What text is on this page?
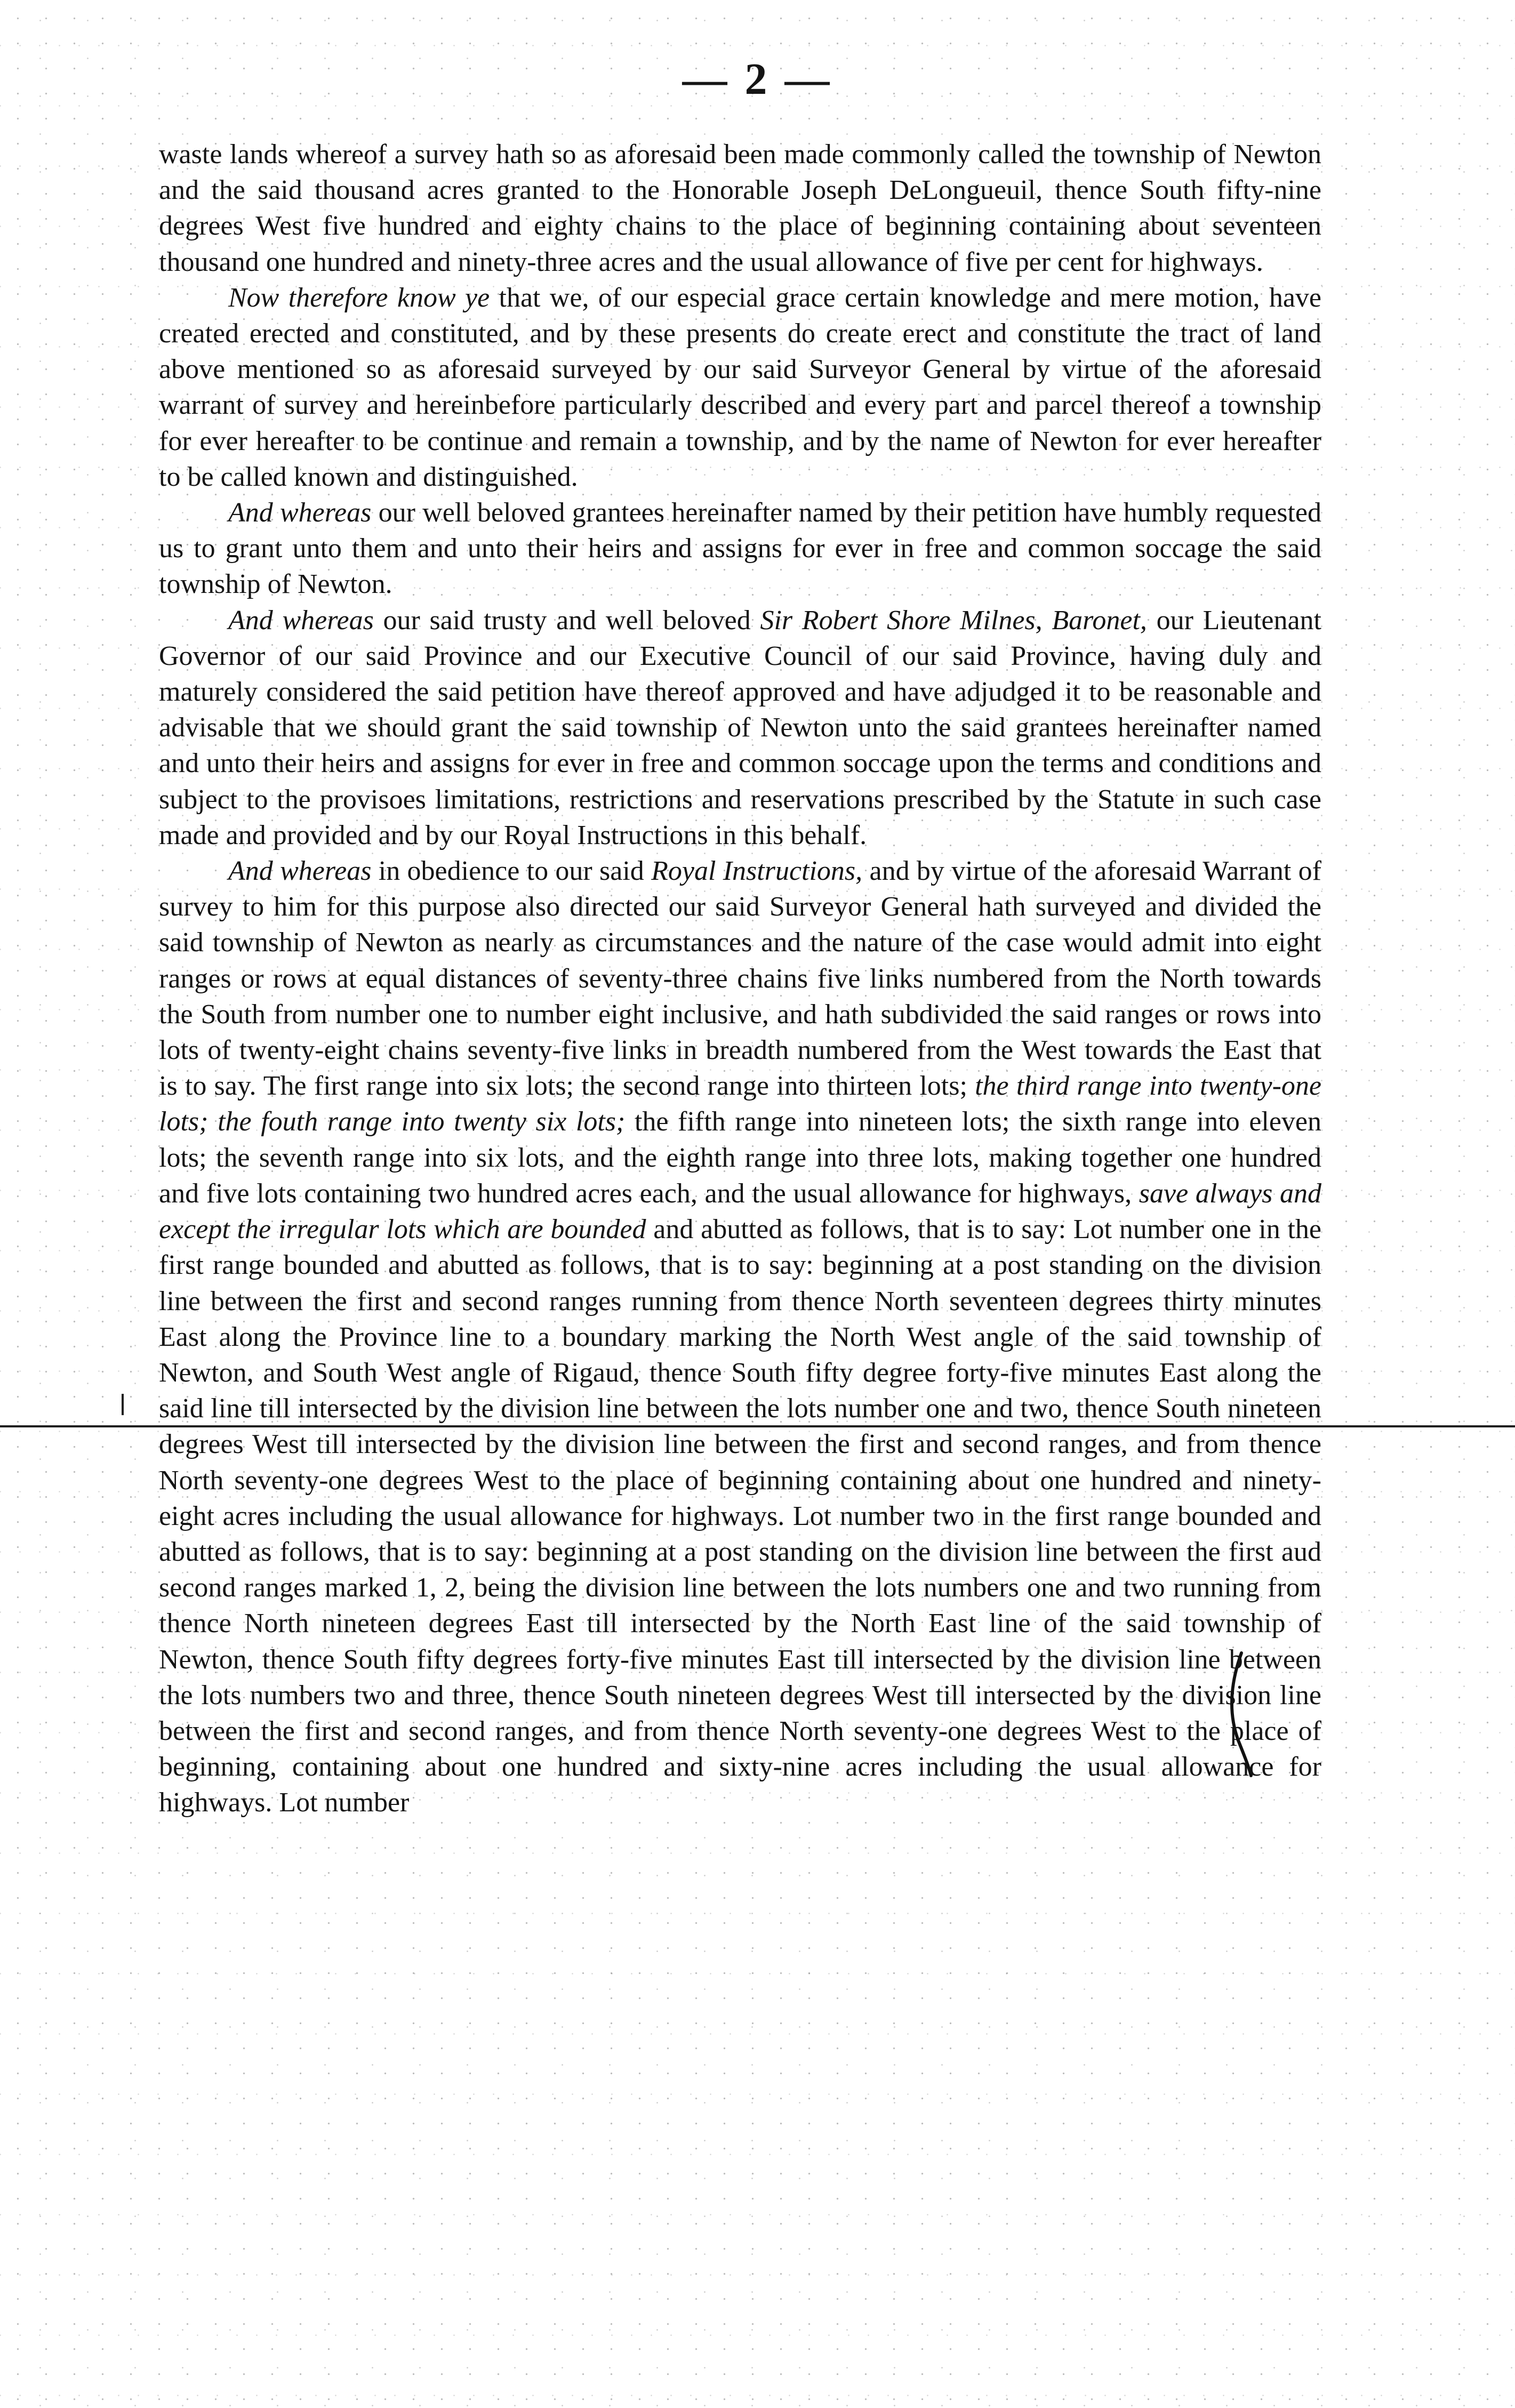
— 2 —

waste lands whereof a survey hath so as aforesaid been made commonly called the township of Newton and the said thousand acres granted to the Honorable Joseph DeLongueuil, thence South fifty-nine degrees West five hundred and eighty chains to the place of beginning containing about seventeen thousand one hundred and ninety-three acres and the usual allowance of five per cent for highways.

Now therefore know ye that we, of our especial grace certain knowledge and mere motion, have created erected and constituted, and by these presents do create erect and constitute the tract of land above mentioned so as aforesaid surveyed by our said Surveyor General by virtue of the aforesaid warrant of survey and hereinbefore particularly described and every part and parcel thereof a township for ever hereafter to be continue and remain a township, and by the name of Newton for ever hereafter to be called known and distinguished.

And whereas our well beloved grantees hereinafter named by their petition have humbly requested us to grant unto them and unto their heirs and assigns for ever in free and common soccage the said township of Newton.

And whereas our said trusty and well beloved Sir Robert Shore Milnes, Baronet, our Lieutenant Governor of our said Province and our Executive Council of our said Province, having duly and maturely considered the said petition have thereof approved and have adjudged it to be reasonable and advisable that we should grant the said township of Newton unto the said grantees hereinafter named and unto their heirs and assigns for ever in free and common soccage upon the terms and conditions and subject to the provisoes limitations, restrictions and reservations prescribed by the Statute in such case made and provided and by our Royal Instructions in this behalf.

And whereas in obedience to our said Royal Instructions, and by virtue of the aforesaid Warrant of survey to him for this purpose also directed our said Surveyor General hath surveyed and divided the said township of Newton as nearly as circumstances and the nature of the case would admit into eight ranges or rows at equal distances of seventy-three chains five links numbered from the North towards the South from number one to number eight inclusive, and hath subdivided the said ranges or rows into lots of twenty-eight chains seventy-five links in breadth numbered from the West towards the East that is to say. The first range into six lots; the second range into thirteen lots; the third range into twenty-one lots; the fouth range into twenty six lots; the fifth range into nineteen lots; the sixth range into eleven lots; the seventh range into six lots, and the eighth range into three lots, making together one hundred and five lots containing two hundred acres each, and the usual allowance for highways, save always and except the irregular lots which are bounded and abutted as follows, that is to say: Lot number one in the first range bounded and abutted as follows, that is to say: beginning at a post standing on the division line between the first and second ranges running from thence North seventeen degrees thirty minutes East along the Province line to a boundary marking the North West angle of the said township of Newton, and South West angle of Rigaud, thence South fifty degree forty-five minutes East along the said line till intersected by the division line between the lots number one and two, thence South nineteen degrees West till intersected by the division line between the first and second ranges, and from thence North seventy-one degrees West to the place of beginning containing about one hundred and ninety-eight acres including the usual allowance for highways. Lot number two in the first range bounded and abutted as follows, that is to say: beginning at a post standing on the division line between the first aud second ranges marked 1, 2, being the division line between the lots numbers one and two running from thence North nineteen degrees East till intersected by the North East line of the said township of Newton, thence South fifty degrees forty-five minutes East till intersected by the division line between the lots numbers two and three, thence South nineteen degrees West till intersected by the division line between the first and second ranges, and from thence North seventy-one degrees West to the place of beginning, containing about one hundred and sixty-nine acres including the usual allowance for highways. Lot number
